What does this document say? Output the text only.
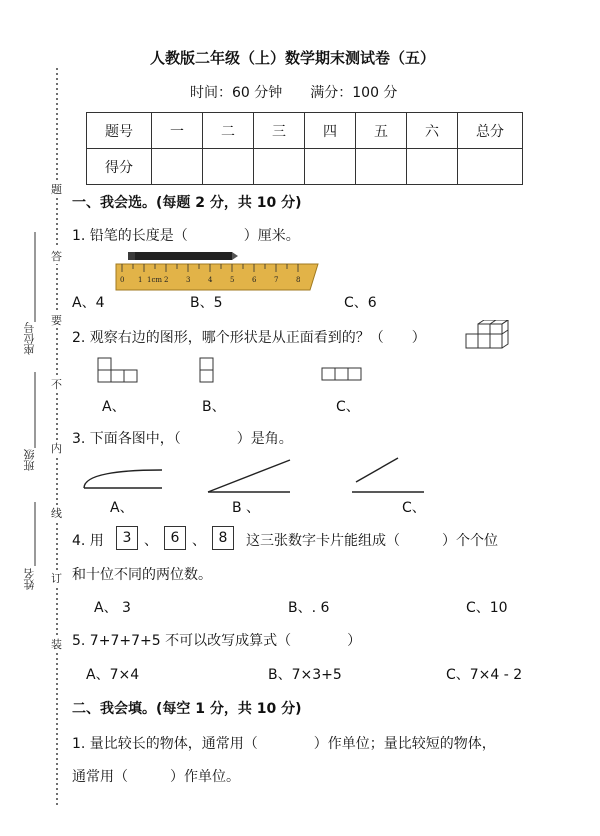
人教版二年级（上）数学期末测试卷（五）
时间：60 分钟　　满分：100 分
题号	一	二	三	四	五	六	总分
得分							
题
答
要
不
内
线
订
装
座位号
班级
姓名
一、我会选。(每题 2 分，共 10 分)
1. 铅笔的长度是（　　　　）厘米。
0 1 1cm 2	3	4	5	6	7	8
A、4	B、5	C、6
2. 观察右边的图形，哪个形状是从正面看到的？（　　）
A、	B、	C、
3. 下面各图中，（　　　　）是角。
A、	B 、	C、
4. 用	3 、 6 、 8	这三张数字卡片能组成（　　　）个个位
和十位不同的两位数。
A、 3	B、. 6	C、10
5. 7+7+7+5 不可以改写成算式（　　　　）
A、7×4	B、7×3+5	C、7×4 - 2
二、我会填。(每空 1 分，共 10 分)
1. 量比较长的物体，通常用（　　　　）作单位；量比较短的物体，
通常用（　　　）作单位。
